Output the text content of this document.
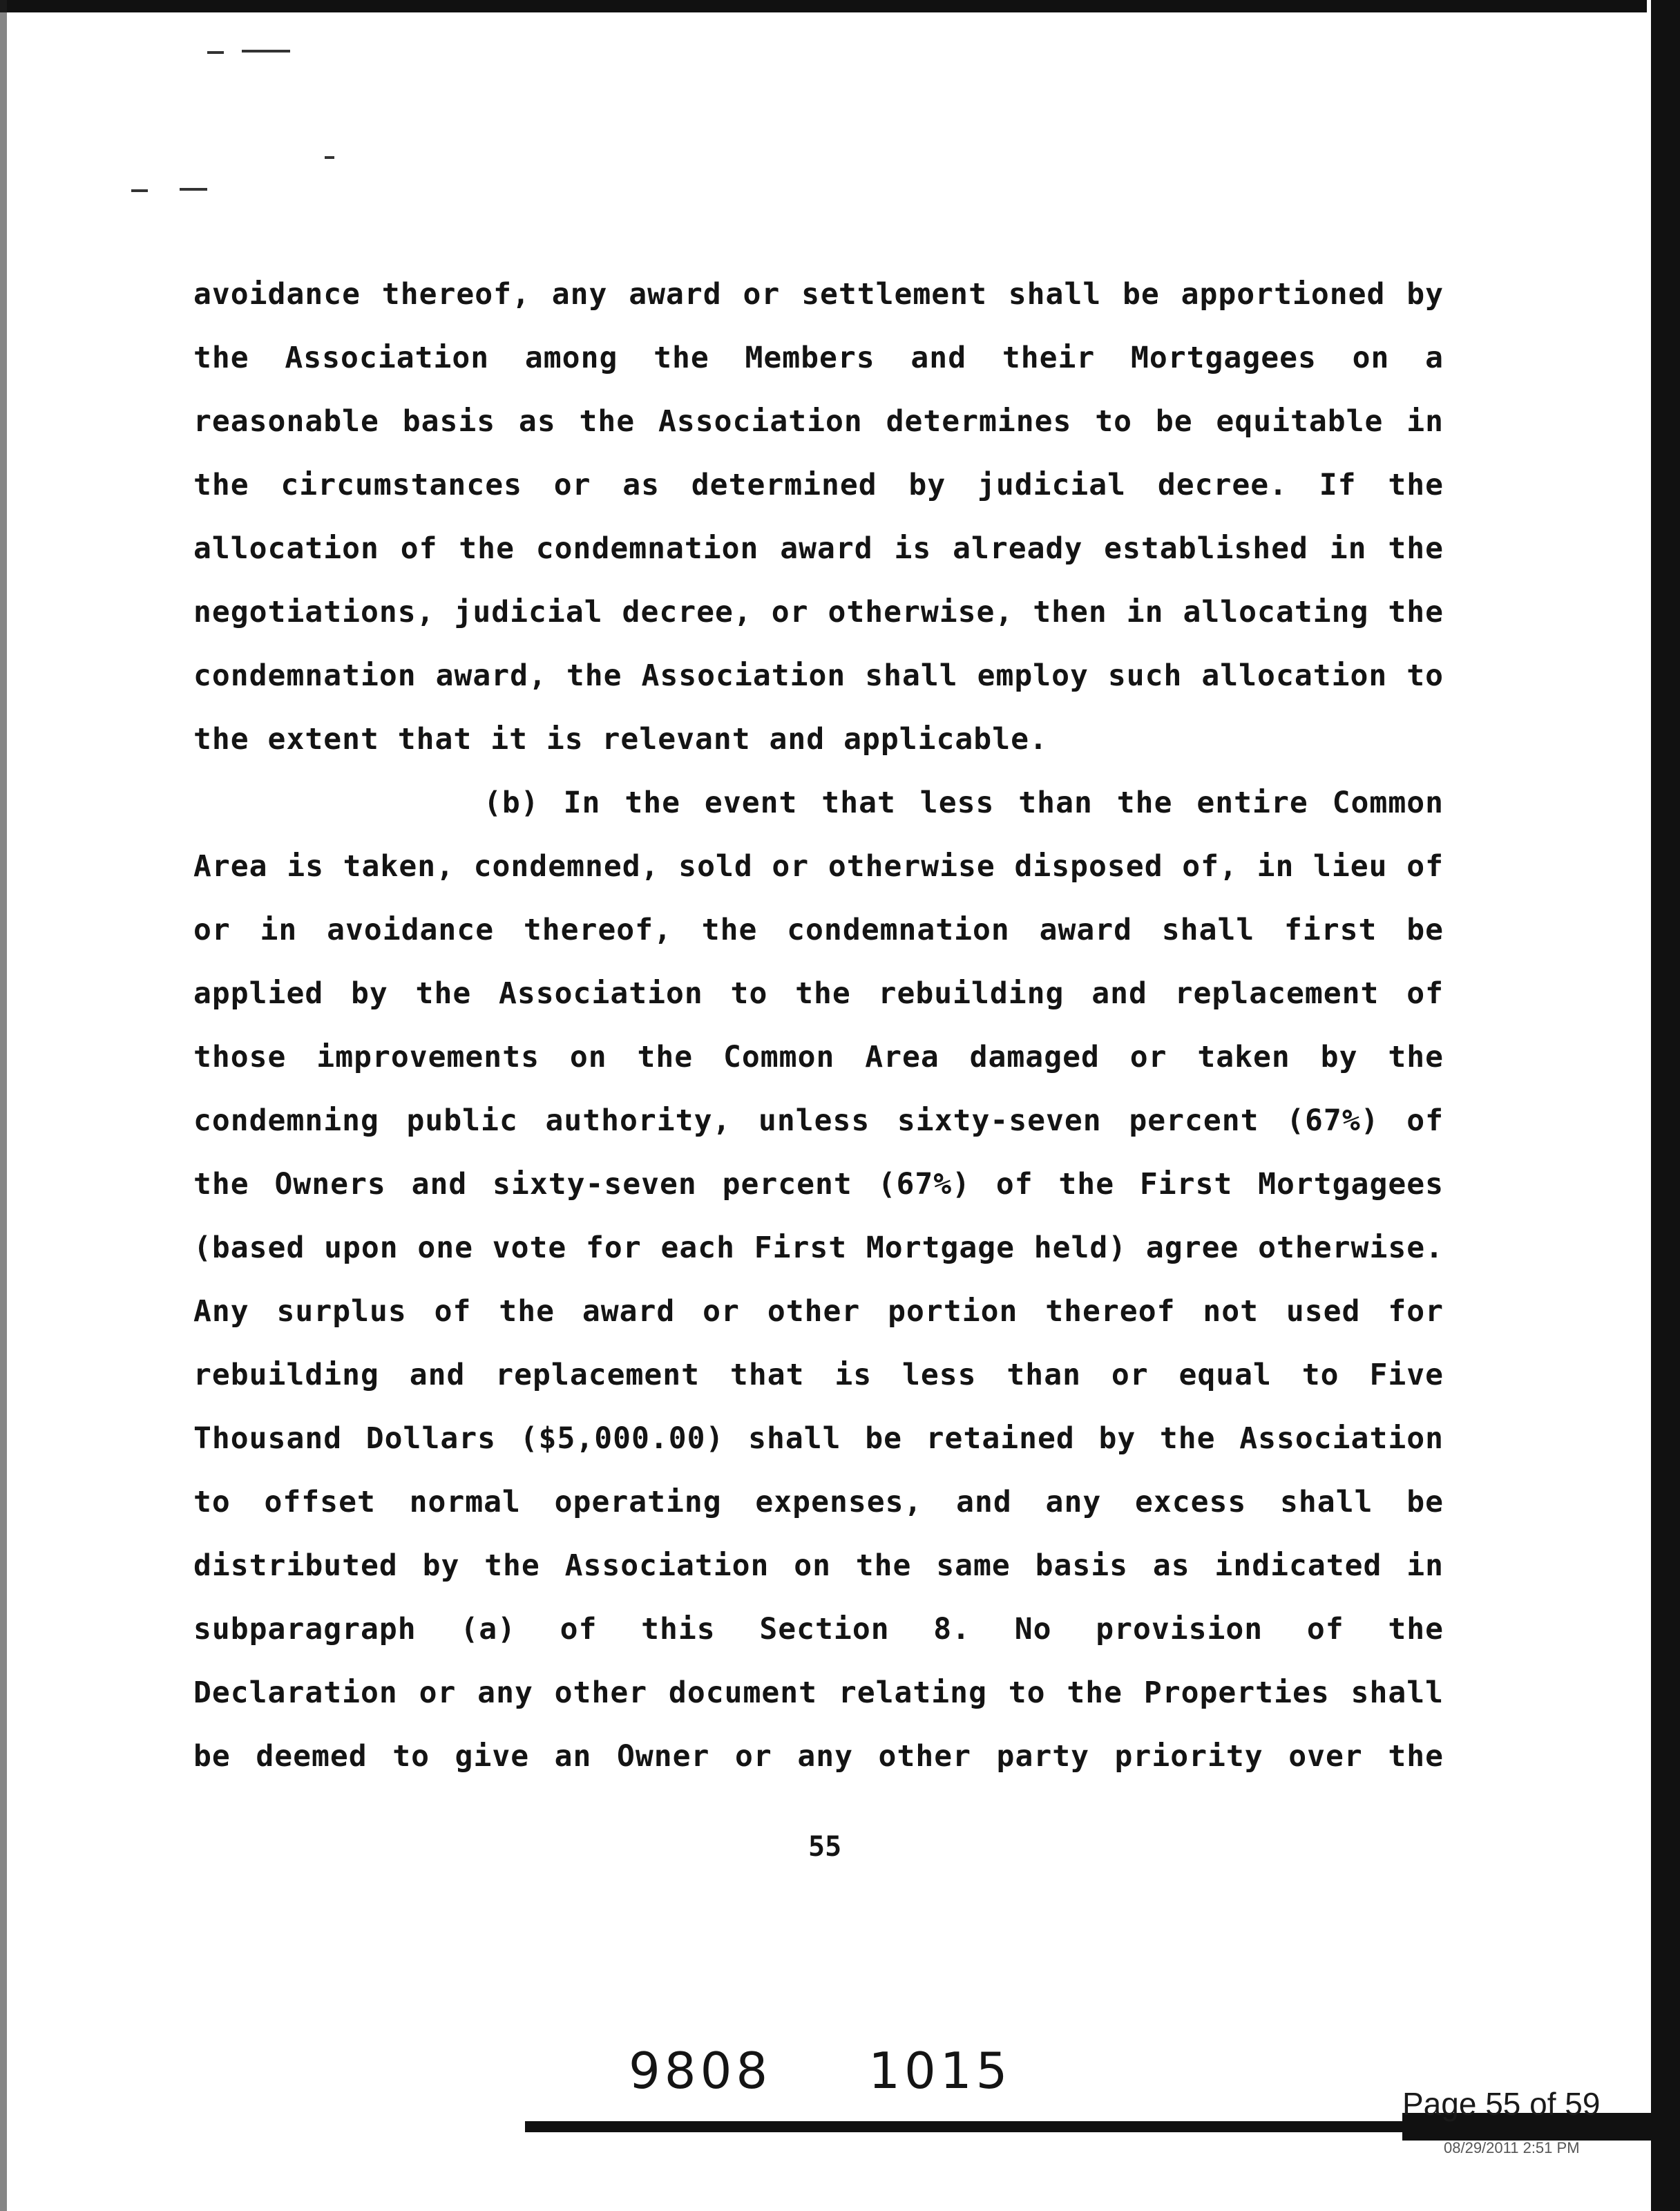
avoidance thereof, any award or settlement shall be apportioned by
the Association among the Members and their Mortgagees on a
reasonable basis as the Association determines to be equitable in
the circumstances or as determined by judicial decree. If the
allocation of the condemnation award is already established in the
negotiations, judicial decree, or otherwise, then in allocating the
condemnation award, the Association shall employ such allocation to
the extent that it is relevant and applicable.
(b) In the event that less than the entire Common
Area is taken, condemned, sold or otherwise disposed of, in lieu of
or in avoidance thereof, the condemnation award shall first be
applied by the Association to the rebuilding and replacement of
those improvements on the Common Area damaged or taken by the
condemning public authority, unless sixty-seven percent (67%) of
the Owners and sixty-seven percent (67%) of the First Mortgagees
(based upon one vote for each First Mortgage held) agree otherwise.
Any surplus of the award or other portion thereof not used for
rebuilding and replacement that is less than or equal to Five
Thousand Dollars ($5,000.00) shall be retained by the Association
to offset normal operating expenses, and any excess shall be
distributed by the Association on the same basis as indicated in
subparagraph (a) of this Section 8. No provision of the
Declaration or any other document relating to the Properties shall
be deemed to give an Owner or any other party priority over the
55
9808 1015
Page 55 of 59
08/29/2011 2:51 PM
